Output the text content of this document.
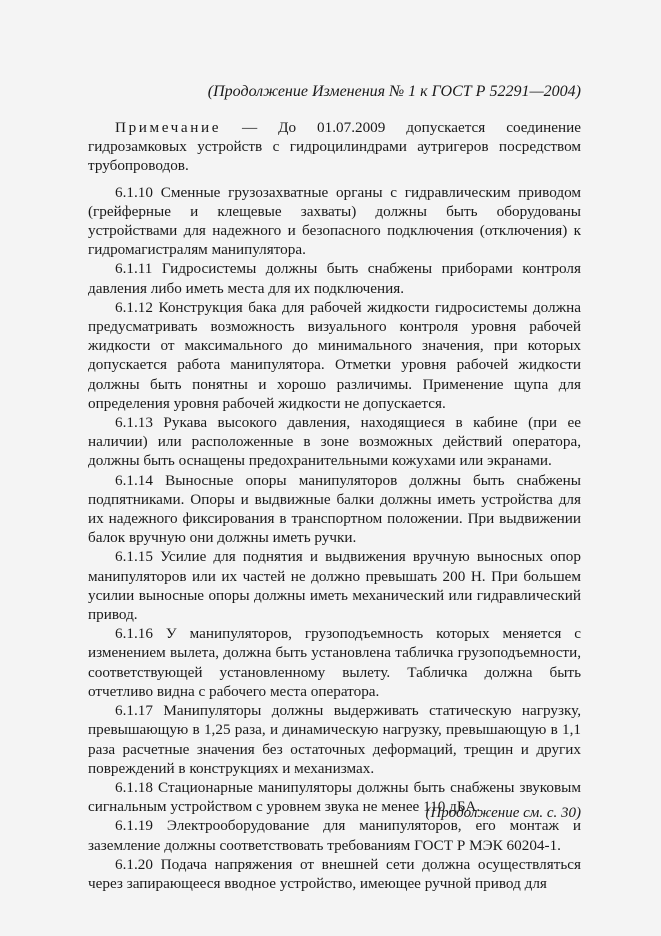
(Продолжение Изменения № 1 к ГОСТ Р 52291—2004)

Примечание — До 01.07.2009 допускается соединение гидрозамковых устройств с гидроцилиндрами аутригеров посредством трубопроводов.

6.1.10 Сменные грузозахватные органы с гидравлическим приводом (грейферные и клещевые захваты) должны быть оборудованы устройствами для надежного и безопасного подключения (отключения) к гидромагистралям манипулятора.

6.1.11 Гидросистемы должны быть снабжены приборами контроля давления либо иметь места для их подключения.

6.1.12 Конструкция бака для рабочей жидкости гидросистемы должна предусматривать возможность визуального контроля уровня рабочей жидкости от максимального до минимального значения, при которых допускается работа манипулятора. Отметки уровня рабочей жидкости должны быть понятны и хорошо различимы. Применение щупа для определения уровня рабочей жидкости не допускается.

6.1.13 Рукава высокого давления, находящиеся в кабине (при ее наличии) или расположенные в зоне возможных действий оператора, должны быть оснащены предохранительными кожухами или экранами.

6.1.14 Выносные опоры манипуляторов должны быть снабжены подпятниками. Опоры и выдвижные балки должны иметь устройства для их надежного фиксирования в транспортном положении. При выдвижении балок вручную они должны иметь ручки.

6.1.15 Усилие для поднятия и выдвижения вручную выносных опор манипуляторов или их частей не должно превышать 200 Н. При большем усилии выносные опоры должны иметь механический или гидравлический привод.

6.1.16 У манипуляторов, грузоподъемность которых меняется с изменением вылета, должна быть установлена табличка грузоподъемности, соответствующей установленному вылету. Табличка должна быть отчетливо видна с рабочего места оператора.

6.1.17 Манипуляторы должны выдерживать статическую нагрузку, превышающую в 1,25 раза, и динамическую нагрузку, превышающую в 1,1 раза расчетные значения без остаточных деформаций, трещин и других повреждений в конструкциях и механизмах.

6.1.18 Стационарные манипуляторы должны быть снабжены звуковым сигнальным устройством с уровнем звука не менее 110 дБА.

6.1.19 Электрооборудование для манипуляторов, его монтаж и заземление должны соответствовать требованиям ГОСТ Р МЭК 60204-1.

6.1.20 Подача напряжения от внешней сети должна осуществляться через запирающееся вводное устройство, имеющее ручной привод для

(Продолжение см. с. 30)
